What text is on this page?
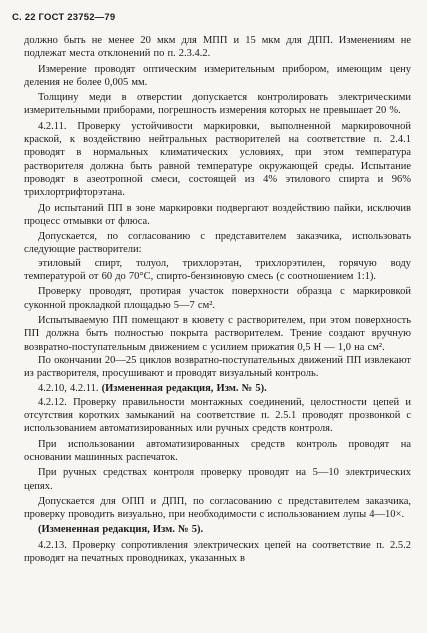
С. 22 ГОСТ 23752—79

должно быть не менее 20 мкм для МПП и 15 мкм для ДПП. Изменениям не подлежат места отклонений по п. 2.3.4.2.

Измерение проводят оптическим измерительным прибором, имеющим цену деления не более 0,005 мм.

Толщину меди в отверстии допускается контролировать электрическими измерительными приборами, погрешность измерения которых не превышает 20 %.

4.2.11. Проверку устойчивости маркировки, выполненной маркировочной краской, к воздействию нейтральных растворителей на соответствие п. 2.4.1 проводят в нормальных климатических условиях, при этом температура растворителя должна быть равной температуре окружающей среды. Испытание проводят в азеотропной смеси, состоящей из 4% этилового спирта и 96% трихлортрифторэтана.

До испытаний ПП в зоне маркировки подвергают воздействию пайки, исключив процесс отмывки от флюса.

Допускается, по согласованию с представителем заказчика, использовать следующие растворители:

этиловый спирт, толуол, трихлорэтан, трихлорэтилен, горячую воду температурой от 60 до 70°С, спирто-бензиновую смесь (с соотношением 1:1).

Проверку проводят, протирая участок поверхности образца с маркировкой суконной прокладкой площадью 5—7 см².

Испытываемую ПП помещают в кювету с растворителем, при этом поверхность ПП должна быть полностью покрыта растворителем. Трение создают вручную возвратно-поступательным движением с усилием прижатия 0,5 Н — 1,0 на см².

По окончании 20—25 циклов возвратно-поступательных движений ПП извлекают из растворителя, просушивают и проводят визуальный контроль.

4.2.10, 4.2.11. (Измененная редакция, Изм. № 5).

4.2.12. Проверку правильности монтажных соединений, целостности цепей и отсутствия коротких замыканий на соответствие п. 2.5.1 проводят прозвонкой с использованием автоматизированных или ручных средств контроля.

При использовании автоматизированных средств контроль проводят на основании машинных распечаток.

При ручных средствах контроля проверку проводят на 5—10 электрических цепях.

Допускается для ОПП и ДПП, по согласованию с представителем заказчика, проверку проводить визуально, при необходимости с использованием лупы 4—10×.

(Измененная редакция, Изм. № 5).

4.2.13. Проверку сопротивления электрических цепей на соответствие п. 2.5.2 проводят на печатных проводниках, указанных в
